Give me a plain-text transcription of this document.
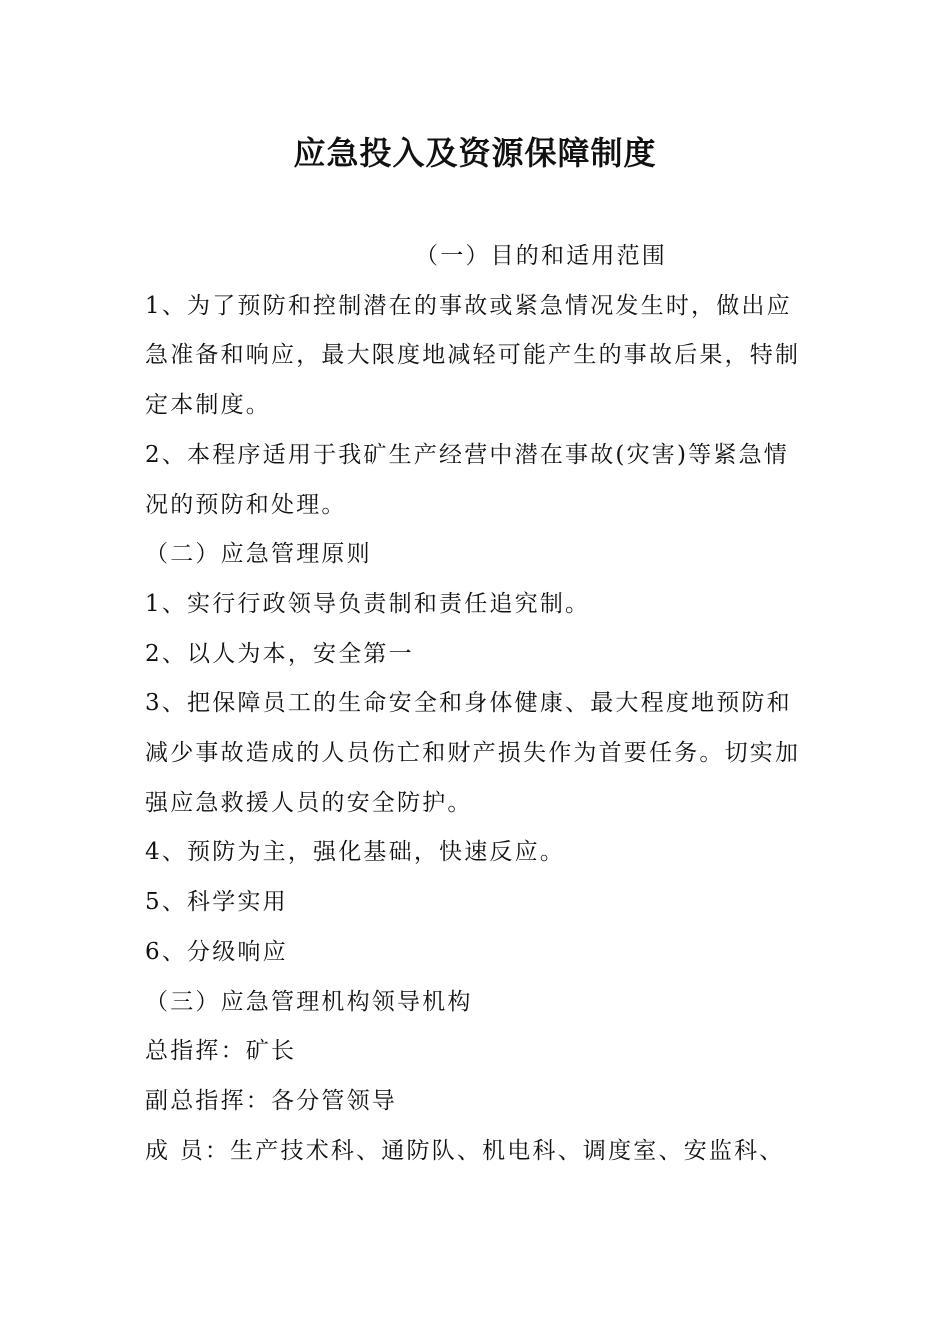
应急投入及资源保障制度

（一）目的和适用范围

1、为了预防和控制潜在的事故或紧急情况发生时，做出应急准备和响应，最大限度地减轻可能产生的事故后果，特制定本制度。

2、本程序适用于我矿生产经营中潜在事故(灾害)等紧急情况的预防和处理。

（二）应急管理原则

1、实行行政领导负责制和责任追究制。

2、以人为本，安全第一

3、把保障员工的生命安全和身体健康、最大程度地预防和减少事故造成的人员伤亡和财产损失作为首要任务。切实加强应急救援人员的安全防护。

4、预防为主，强化基础，快速反应。

5、科学实用

6、分级响应

（三）应急管理机构领导机构

总指挥：矿长

副总指挥：各分管领导

成 员：生产技术科、通防队、机电科、调度室、安监科、
